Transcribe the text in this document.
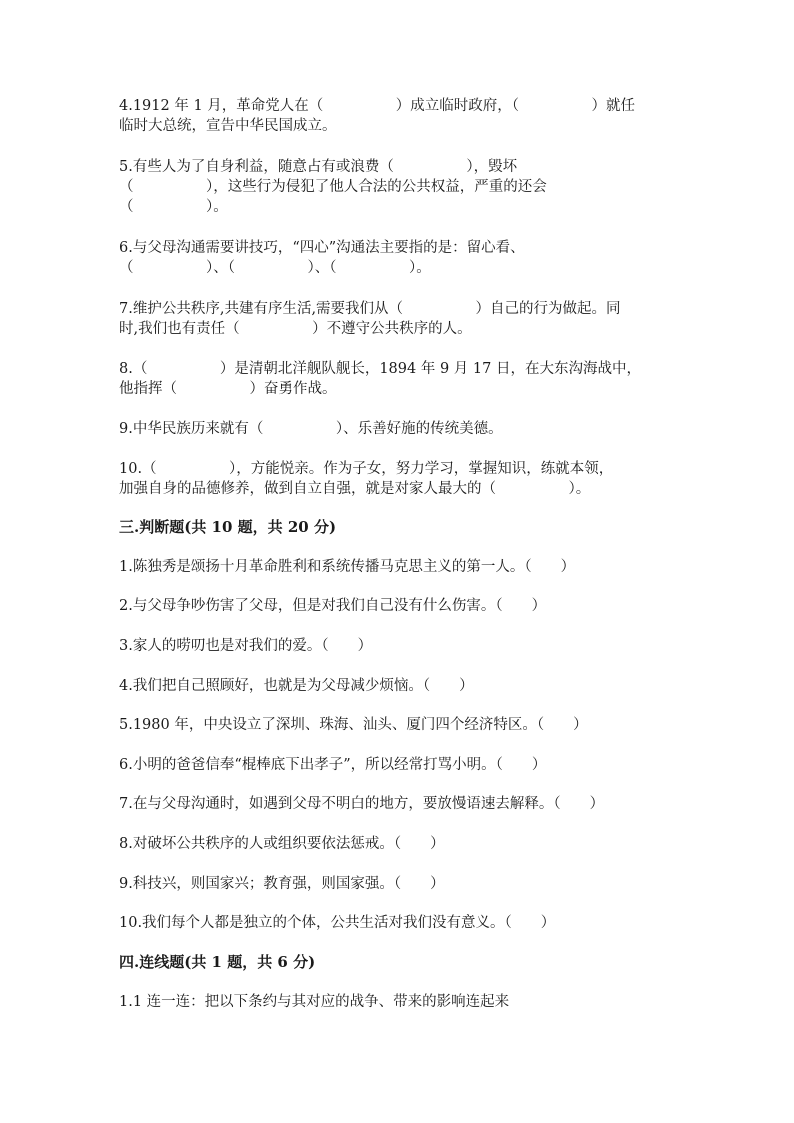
4.1912 年 1 月，革命党人在（　　　　　）成立临时政府，（　　　　　）就任
临时大总统，宣告中华民国成立。

5.有些人为了自身利益，随意占有或浪费（　　　　　），毁坏
（　　　　　），这些行为侵犯了他人合法的公共权益，严重的还会
（　　　　　）。

6.与父母沟通需要讲技巧，“四心”沟通法主要指的是：留心看、
（　　　　　）、（　　　　　）、（　　　　　）。

7.维护公共秩序,共建有序生活,需要我们从（　　　　　）自己的行为做起。同
时,我们也有责任（　　　　　）不遵守公共秩序的人。

8.（　　　　　）是清朝北洋舰队舰长，1894 年 9 月 17 日，在大东沟海战中，
他指挥（　　　　　）奋勇作战。

9.中华民族历来就有（　　　　　）、乐善好施的传统美德。

10.（　　　　　），方能悦亲。作为子女，努力学习，掌握知识，练就本领，
加强自身的品德修养，做到自立自强，就是对家人最大的（　　　　　）。

三.判断题(共 10 题，共 20 分)

1.陈独秀是颂扬十月革命胜利和系统传播马克思主义的第一人。（　　）

2.与父母争吵伤害了父母，但是对我们自己没有什么伤害。（　　）

3.家人的唠叨也是对我们的爱。（　　）

4.我们把自己照顾好，也就是为父母减少烦恼。（　　）

5.1980 年，中央设立了深圳、珠海、汕头、厦门四个经济特区。（　　）

6.小明的爸爸信奉“棍棒底下出孝子”，所以经常打骂小明。（　　）

7.在与父母沟通时，如遇到父母不明白的地方，要放慢语速去解释。（　　）

8.对破坏公共秩序的人或组织要依法惩戒。（　　）

9.科技兴，则国家兴；教育强，则国家强。（　　）

10.我们每个人都是独立的个体，公共生活对我们没有意义。（　　）

四.连线题(共 1 题，共 6 分)

1.1 连一连：把以下条约与其对应的战争、带来的影响连起来
